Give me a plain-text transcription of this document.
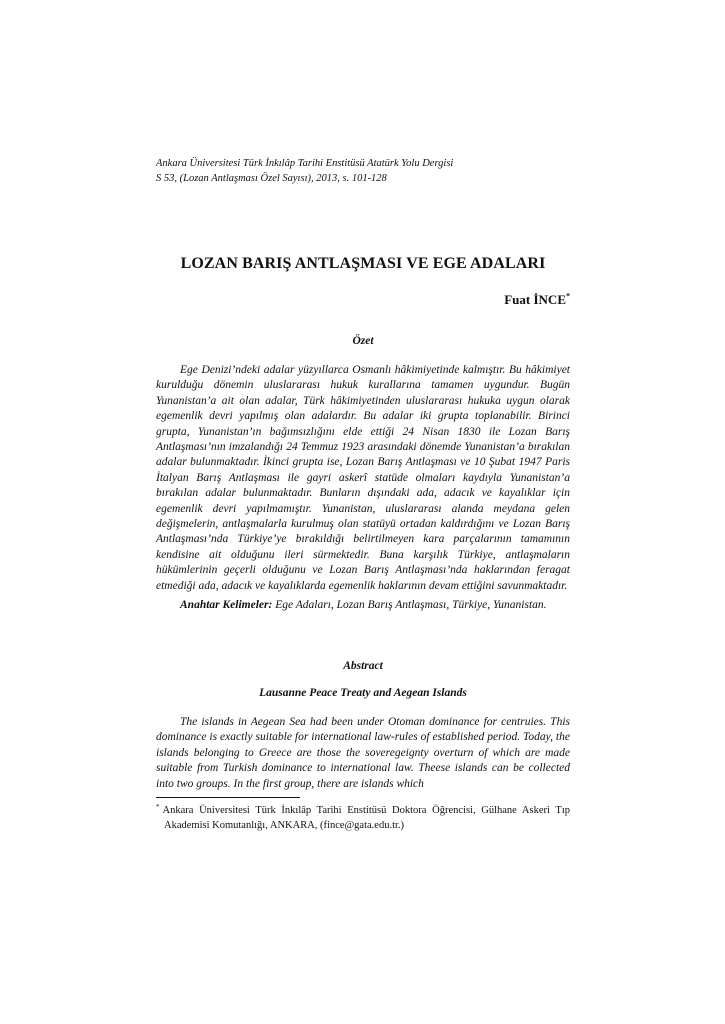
Ankara Üniversitesi Türk İnkılâp Tarihi Enstitüsü Atatürk Yolu Dergisi
S 53, (Lozan Antlaşması Özel Sayısı), 2013, s. 101-128
LOZAN BARIŞ ANTLAŞMASI VE EGE ADALARI
Fuat İNCE*
Özet
Ege Denizi’ndeki adalar yüzyıllarca Osmanlı hâkimiyetinde kalmıştır. Bu hâkimiyet kurulduğu dönemin uluslararası hukuk kurallarına tamamen uygundur. Bugün Yunanistan’a ait olan adalar, Türk hâkimiyetinden uluslararası hukuka uygun olarak egemenlik devri yapılmış olan adalardır. Bu adalar iki grupta toplanabilir. Birinci grupta, Yunanistan’ın bağımsızlığını elde ettiği 24 Nisan 1830 ile Lozan Barış Antlaşması’nın imzalandığı 24 Temmuz 1923 arasındaki dönemde Yunanistan’a bırakılan adalar bulunmaktadır. İkinci grupta ise, Lozan Barış Antlaşması ve 10 Şubat 1947 Paris İtalyan Barış Antlaşması ile gayri askerî statüde olmaları kaydıyla Yunanistan’a bırakılan adalar bulunmaktadır. Bunların dışındaki ada, adacık ve kayalıklar için egemenlik devri yapılmamıştır. Yunanistan, uluslararası alanda meydana gelen değişmelerin, antlaşmalarla kurulmuş olan statüyü ortadan kaldırdığını ve Lozan Barış Antlaşması’nda Türkiye’ye bırakıldığı belirtilmeyen kara parçalarının tamamının kendisine ait olduğunu ileri sürmektedir. Buna karşılık Türkiye, antlaşmaların hükümlerinin geçerli olduğunu ve Lozan Barış Antlaşması’nda haklarından feragat etmediği ada, adacık ve kayalıklarda egemenlik haklarının devam ettiğini savunmaktadır.
Anahtar Kelimeler: Ege Adaları, Lozan Barış Antlaşması, Türkiye, Yunanistan.
Abstract
Lausanne Peace Treaty and Aegean Islands
The islands in Aegean Sea had been under Otoman dominance for centruies. This dominance is exactly suitable for international law-rules of established period. Today, the islands belonging to Greece are those the soveregeignty overturn of which are made suitable from Turkish dominance to international law. Theese islands can be collected into two groups. In the first group, there are islands which
* Ankara Üniversitesi Türk İnkılâp Tarihi Enstitüsü Doktora Öğrencisi, Gülhane Askeri Tıp Akademisi Komutanlığı, ANKARA, (fince@gata.edu.tr.)
